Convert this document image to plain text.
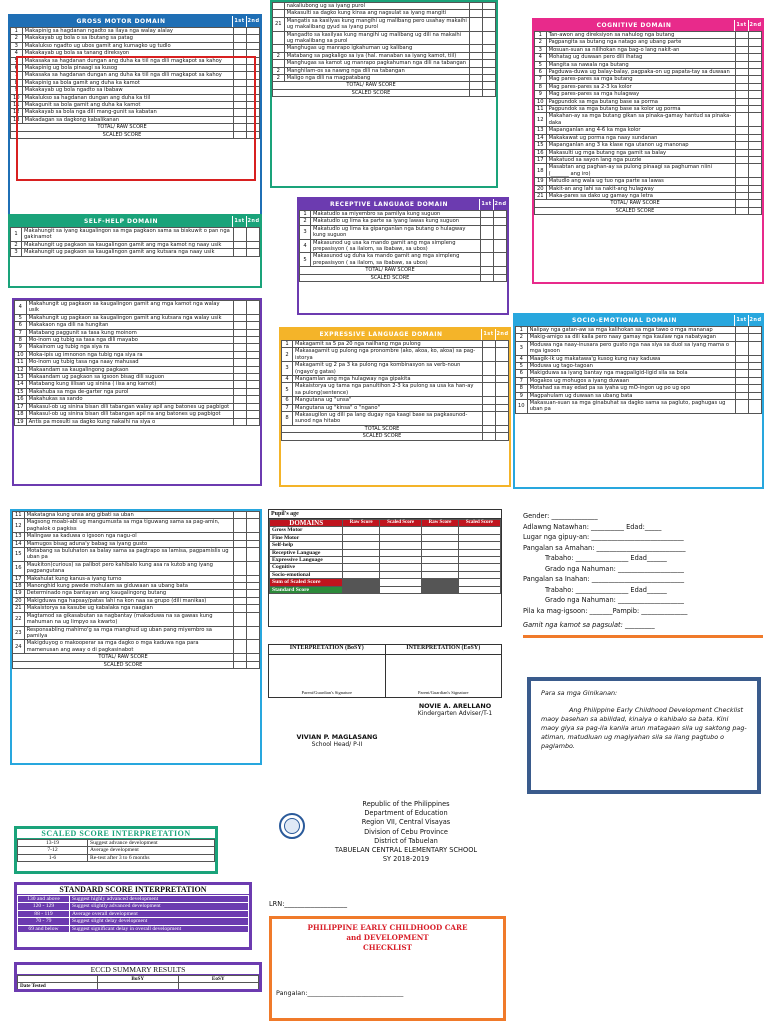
GROSS MOTOR DOMAIN	1st 2nd
1	Makapinig sa hagdanan ngadto sa ilaya nga walay alalay		
2	Makakayab ug bola o sa ibutang sa patag		
3	Makalukso ngadto ug ubos gamit ang kumagko ug tudlo		
4	Makakayab ug bola sa tanang direksyon		
5	Makasaka sa hagdanan dungan ang duha ka tiil nga dili magkapot sa kahoy		
6	Makapinig ug bola pinaagi sa kusog		
7	Makasaka sa hagdanan dungan ang duha ka tiil nga dili magkapot sa kahoy		
8	Makapinig sa bola gamit ang duha ka kamot		
9	Makakayab ug bola ngadto sa ibabaw		
10	Makalukso sa hagdanan dungan ang duha ka tiil		
11	Makagunit sa bola gamit ang duha ka kamot		
12	Makakayab sa bola nga dili mang-gunit sa kabatan		
13	Makadagan sa dagkong kabalikanan		
TOTAL/ RAW SCORE			
SCALED SCORE			
	nakaliubong ug sa iyang purol		
	Makasulti sa dagko kung kinsa ang nagsulat sa iyang mangiti		
21	Mangatis sa kasilyas kung mangihi ug malibang pero usahay makaihi ug makalibang gyud sa iyang purol		
	Mangadto sa kasilyas kung mangihi ug malibang ug dili na makaihi ug makalibang sa purol		
	Manghugas ug manrapo igkahuman ug kalibang		
2	Matabang sa pagkaligo sa iya (hal. manaban sa iyang kamot, tiil)		
	Manghugas sa kamot ug manrapo pagkahuman nga dili na tabangan		
2	Manghilam-os sa nawng nga dili na tabangan		
2	Maligo nga dili na magpatabang		
TOTAL/ RAW SCORE			
SCALED SCORE			
SELF-HELP DOMAIN	1st 2nd
1	Makahungit sa iyang kaugalingon sa mga pagkaon sama sa biskuwit o pan nga gakinamot		
2	Makahungit ug pagkaon sa kaugalingon gamit ang mga kamot ng naay usik		
3	Makahungit ug pagkaon sa kaugalingon gamit ang kutsara nga naay usik		
4	Makahungit ug pagkaon sa kaugalingon gamit ang mga kamot nga walay usik		
5	Makahungit ug pagkaon sa kaugalingon gamit ang kutsara nga walay usik		
6	Makakaon nga dili na hungitan		
7	Matabang paggunit sa tasa kung moinom		
8	Mo-inom ug tubig sa tasa nga dili mayabo		
9	Makainom ug tubig nga siya ra		
10	Moka-ipis ug imnonon nga tubig nga siya ra		
11	Mo-inom ug tubig tasa nga naay mahusad		
12	Makaandam sa kaugalingong pagkaon		
13	Makaandam ug pagkaon sa igsoon bisag dili suguon		
14	Matabang kung iilisan ug sinina ( iisa ang kamot)		
15	Makahuba sa mga de-garter nga purol		
16	Makahukas sa sando		
17	Makasul-ob ug sinina bisan dili tabangan walay apil ang batones ug pagbigot		
18	Makasul-ob ug sinina bisan dili tabangan apil na ang batones ug pagbigot		
19	Antis pa mosulti sa dagko kung nakaihi na siya o		
COGNITIVE DOMAIN	1st 2nd
1	Tan-awon ang direksiyon sa nahulog nga butang		
2	Pagpangita sa butang nga natago ang ubang parte		
3	Mosuan-suan sa nilihokan nga bag-o lang nakit-an		
4	Mohatag ug duwaan pero dili ihatag		
5	Mangita sa nawala nga butang		
6	Pagduwa-duwa ug balay-balay, pagpaka-on ug papata-tay sa duwaan		
7	Mag pares-pares sa mga butang		
8	Mag pares-pares sa 2-3 ka kolor		
9	Mag pares-pares sa mga hulagway		
10	Pagpundok sa mga butang base sa porma		
11	Pagpundok sa mga butang base sa kolor ug porma		
12	Makahan-ay sa mga butang gikan sa pinaka-gamay hantud sa pinaka-daka		
13	Mapanganlan ang 4-6 ka mga kolor		
14	Makakawat ug porma nga naay sundanan		
15	Mapanganlan ang 3 ka klase nga utanon ug manonap		
16	Makasulti ug mga butang nga gamit sa balay		
17	Makatuod sa sayon lang nga puzzle		
18	Masabtan ang paghan-ay sa pulong pinaagi sa paghuman niini (_______ ang iro)		
19	Matudlo ang wala ug tuo nga parte sa lawas		
20	Makit-an ang lahi sa nakit-ang hulagway		
21	Maka-pares sa dako ug gamay nga letra		
TOTAL/ RAW SCORE			
SCALED SCORE			
RECEPTIVE LANGUAGE DOMAIN	1st 2nd
1	Makatudlo sa miyembro sa pamilya kung suguon		
2	Makatudlo ug lima ka parte sa iyang lawas kung suguon		
3	Makatudlo ug lima ka gipanganlan nga butang o hulagway kung suguon		
4	Makasunod ug usa ka mando gamit ang mga simpleng prepasisyon ( sa ilalom, sa ibabaw, sa ubos)		
5	Makasunod ug duha ka mando gamit ang mga simpleng prepasisyon ( sa ilalom, sa ibabaw, sa ubos)		
TOTAL/ RAW SCORE			
SCALED SCORE			
EXPRESSIVE LANGUAGE DOMAIN	1st 2nd
1	Makagamit sa 5 pa 20 nga nailhang mga pulong		
2	Makasagamit ug pulong nga pronombre (ako, akoa, ko, akoa) sa pag-istorya		
3	Makagamit ug 2 pa 3 ka pulong nga kombinasyon sa verb-noun (ngayo'g gatas)		
4	Mangamlan ang mga hulagway nga gipakita		
5	Makaistorya ug tama nga panultihon 2-3 ka pulong sa usa ka han-ay sa pulong(sentence)		
6	Mangutana ug "unsa"		
7	Mangutana ug "kinsa" o "ngano"		
8	Makasugilon ug dili pa lang dugay nga kaagi base sa pagkasunod-sunod nga hitabo		
TOTAL SCORE			
SCALED SCORE			
SOCIO-EMOTIONAL DOMAIN	1st 2nd
1	Nalipay nga gatan-aw sa mga kalihokan sa mga tawo o mga mananap		
2	Makig-amigo sa dili kaila pero naay gamay nga kaulaw nga nabatyagan		
3	Moduwa nga naay-inusara pero gusto nga naa siya sa duol sa iyang mama o mga igsoon		
4	Maagik-ik ug makatawa'g kusog kung nay kaduwa		
5	Moduwa ug tago-tagoan		
6	Makigduwa sa iyang bantay nga magpaligid-ligid sila sa bola		
7	Mogakos ug mohugos a iyang duwaan		
8	Motahad sa may edad pa sa iyaha ug mO-ingon ug po ug opo		
9	Magpahulam ug duwaan sa ubang bata		
10	Makasuan-suan sa mga ginabuhat sa dagko sama sa pagluto, paghugas ug uban pa		
11	Makatagna kung unsa ang gibati sa uban		
12	Magsong moabi-abi ug mangumusta sa mga tiguwang sama sa pag-amin, paghalok o pagkiss		
13	Malingaw sa kaduwa o igsoon nga nagu-ol		
14	Mamugos bisag aduna'y babag sa iyang gusto		
15	Motabang sa buluhaton sa balay sama sa pagtrapo sa lamisa, pagpamislis ug uban pa		
16	Maukiton(curious) sa palibot pero kahibalo kung asa ra kutob ang iyang pagpangutana		
17	Makahulat kung kanus-a iyang turno		
18	Manonghid kung pwede mohulam sa giduwaan sa ubang bata		
19	Determinado nga bantayan ang kaugalingong butang		
20	Makigduwa nga hapsay/patas lahi na kon naa sa grupo (dili manikas)		
21	Makaistorya sa kasube ug kabalaka nga naagian		
22	Magtamod sa gikasabutan sa nagbantay (makaduwa na sa gawas kung mahuman na ug limpyo sa kwarto)		
23	Responsabling mahimo'g sa mga manghud ug uban pang miyembro sa pamilya		
24	Makigduyog o makooperar sa mga dagko o mga kaduwa nga para mamenusan ang away o di pagkasinabot		
TOTAL/ RAW SCORE			
SCALED SCORE			
Pupil's age
DOMAINS	Raw Score	Scaled Score	Raw Score	Scaled Score
Gross Motor				
Fine Motor				
Self-help				
Receptive Language				
Expressive Language				
Cognitive				
Socio-emotional				
Sum of Scaled Score				
Standard Score				
INTERPRETATION (BoSY)	INTERPRETATION (EoSY)
Parent/Guardian's Signature	Parent/Guardian's Signature
NOVIE A. ARELLANO
Kindergarten Adviser/T-1
VIVIAN P. MAGLASANG
School Head/ P-II
Gender: ______________
Adlawng Natawhan: __________ Edad:_____
Lugar nga gipuy-an: ____________________________
Pangalan sa Amahan: ___________________________
Trabaho: ________________ Edad______
Grado nga Nahuman: ____________________
Pangalan sa Inahan: ____________________________
Trabaho: ________________ Edad______
Grado nga Nahuman: ____________________
Pila ka mag-igsoon: _______Pampib: ______________
Gamit nga kamot sa pagsulat: _________
Para sa mga Ginikanan:
Ang Philippine Early Childhood Development Checklist maoy basehan sa abilidad, kinaiya o kahibalo sa bata. Kini maoy giya sa pag-ila kanila arun matagaan sila ug saktong pag-atiman, matudluan ug magiyahan sila sa ilang pagtubo o paglambo.
Republic of the Philippines
Department of Education
Region VII, Central Visayas
Division of Cebu Province
District of Tabuelan
TABUELAN CENTRAL ELEMENTARY SCHOOL
SY 2018-2019
LRN:___________________
PHILIPPINE EARLY CHILDHOOD CARE
and DEVELOPMENT
CHECKLIST
Pangalan:______________________________
SCALED SCORE INTERPRETATION
13-19	Suggest advance development
7-12	Average development
1-6	Re-test after 3 to 6 months
STANDARD SCORE INTERPRETATION
130 and above	Suggest highly advanced development
120 - 129	Suggest slightly advanced development
88 - 119	Average overall development
70 - 79	Suggest slight delay development
69 and below	Suggest significant delay in overall development
ECCD SUMMARY RESULTS
	BoSY	EoSY
Date Tested		
